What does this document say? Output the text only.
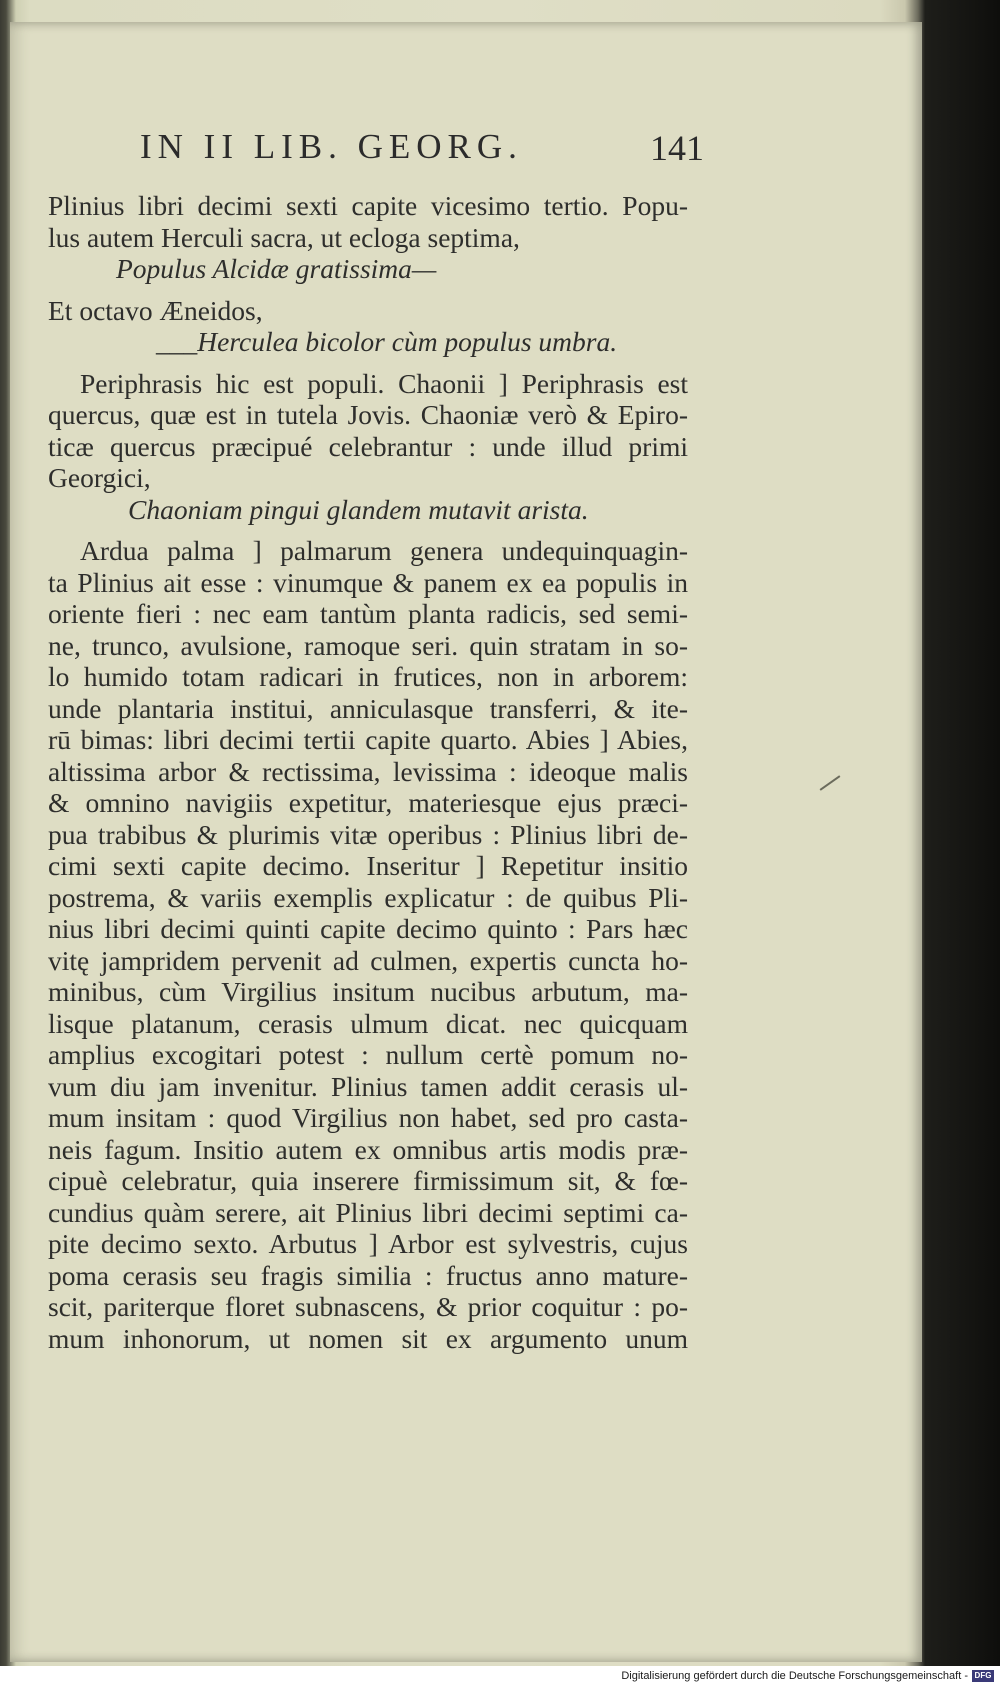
IN II LIB. GEORG.	141
Plinius libri decimi sexti capite vicesimo tertio. Popu-
lus autem Herculi sacra, ut ecloga septima,
Populus Alcidæ gratissima—
Et octavo Æneidos,
___Herculea bicolor cùm populus umbra.
Periphrasis hic est populi. Chaonii ] Periphrasis est
quercus, quæ est in tutela Jovis. Chaoniæ verò & Epiro-
ticæ quercus præcipué celebrantur : unde illud primi
Georgici,
Chaoniam pingui glandem mutavit arista.
Ardua palma ] palmarum genera undequinquagin-
ta Plinius ait esse : vinumque & panem ex ea populis in
oriente fieri : nec eam tantùm planta radicis, sed semi-
ne, trunco, avulsione, ramoque seri. quin stratam in so-
lo humido totam radicari in frutices, non in arborem:
unde plantaria institui, anniculasque transferri, & ite-
rū bimas: libri decimi tertii capite quarto. Abies ] Abies,
altissima arbor & rectissima, levissima : ideoque malis
& omnino navigiis expetitur, materiesque ejus præci-
pua trabibus & plurimis vitæ operibus : Plinius libri de-
cimi sexti capite decimo. Inseritur ] Repetitur insitio
postrema, & variis exemplis explicatur : de quibus Pli-
nius libri decimi quinti capite decimo quinto : Pars hæc
vitę jampridem pervenit ad culmen, expertis cuncta ho-
minibus, cùm Virgilius insitum nucibus arbutum, ma-
lisque platanum, cerasis ulmum dicat. nec quicquam
amplius excogitari potest : nullum certè pomum no-
vum diu jam invenitur. Plinius tamen addit cerasis ul-
mum insitam : quod Virgilius non habet, sed pro casta-
neis fagum. Insitio autem ex omnibus artis modis præ-
cipuè celebratur, quia inserere firmissimum sit, & fœ-
cundius quàm serere, ait Plinius libri decimi septimi ca-
pite decimo sexto. Arbutus ] Arbor est sylvestris, cujus
poma cerasis seu fragis similia : fructus anno mature-
scit, pariterque floret subnascens, & prior coquitur : po-
mum inhonorum, ut nomen sit ex argumento unum
Digitalisierung gefördert durch die Deutsche Forschungsgemeinschaft - DFG
